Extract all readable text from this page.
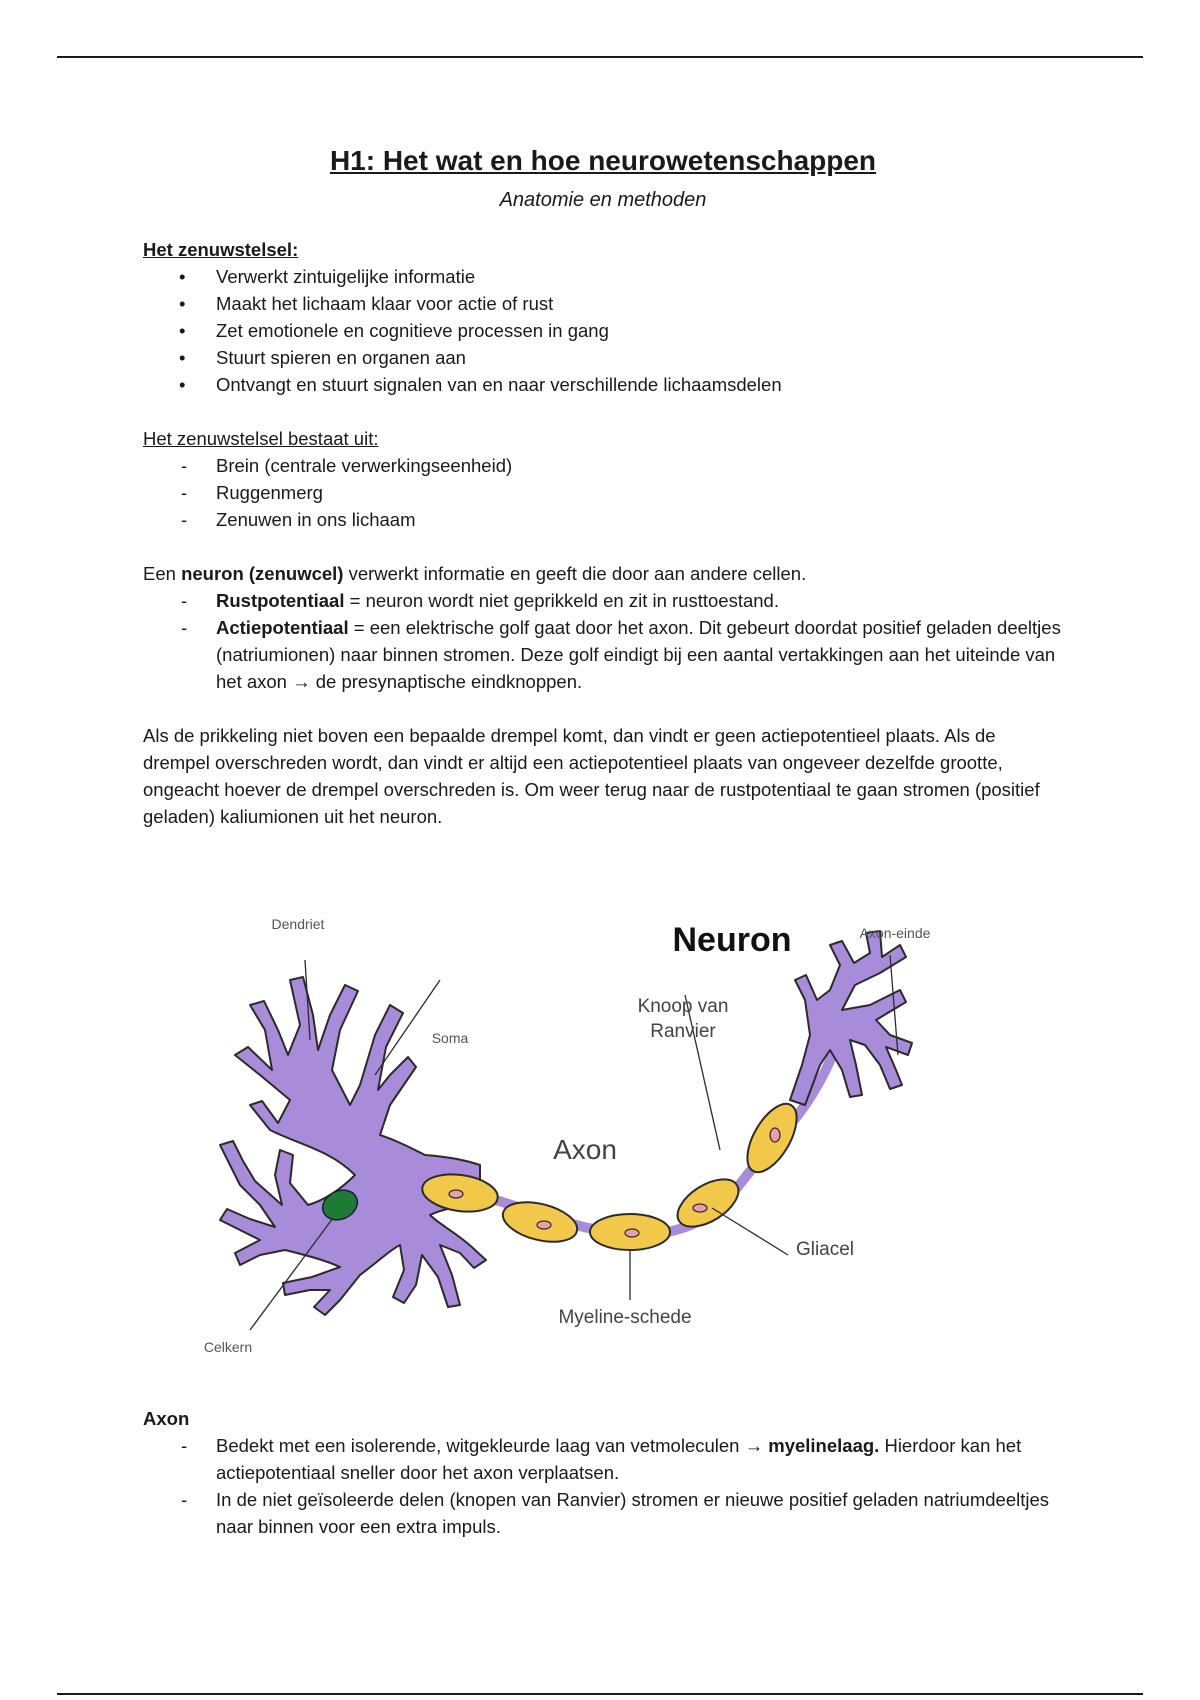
H1: Het wat en hoe neurowetenschappen
Anatomie en methoden
Het zenuwstelsel:
• Verwerkt zintuigelijke informatie
• Maakt het lichaam klaar voor actie of rust
• Zet emotionele en cognitieve processen in gang
• Stuurt spieren en organen aan
• Ontvangt en stuurt signalen van en naar verschillende lichaamsdelen
Het zenuwstelsel bestaat uit:
- Brein (centrale verwerkingseenheid)
- Ruggenmerg
- Zenuwen in ons lichaam

Een neuron (zenuwcel) verwerkt informatie en geeft die door aan andere cellen.

- Rustpotentiaal = neuron wordt niet geprikkeld en zit in rusttoestand.
- Actiepotentiaal = een elektrische golf gaat door het axon. Dit gebeurt doordat positief geladen deeltjes (natriumionen) naar binnen stromen. Deze golf eindigt bij een aantal vertakkingen aan het uiteinde van het axon → de presynaptische eindknoppen.

Als de prikkeling niet boven een bepaalde drempel komt, dan vindt er geen actiepotentieel plaats. Als de drempel overschreden wordt, dan vindt er altijd een actiepotentieel plaats van ongeveer dezelfde grootte, ongeacht hoever de drempel overschreden is. Om weer terug naar de rustpotentiaal te gaan stromen (positief geladen) kaliumionen uit het neuron.

Neuron
Dendriet
Soma
Axon
Knoop van
Ranvier
Axon-einde
Gliacel
Myeline-schede
Celkern
Axon
- Bedekt met een isolerende, witgekleurde laag van vetmoleculen → myelinelaag. Hierdoor kan het actiepotentiaal sneller door het axon verplaatsen.
- In de niet geïsoleerde delen (knopen van Ranvier) stromen er nieuwe positief geladen natriumdeeltjes naar binnen voor een extra impuls.
